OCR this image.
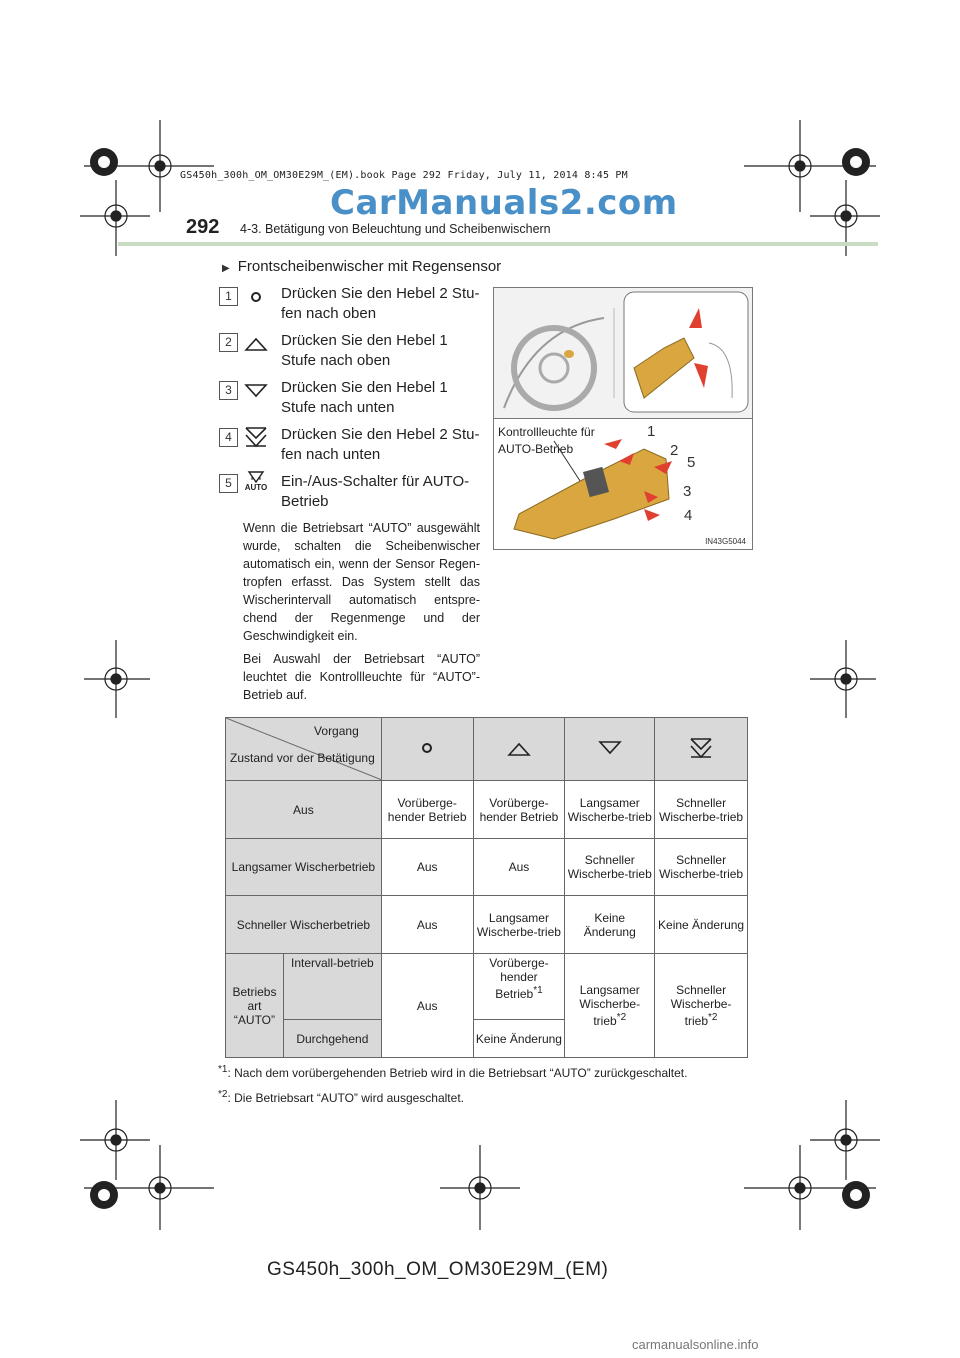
GS450h_300h_OM_OM30E29M_(EM).book Page 292 Friday, July 11, 2014 8:45 PM
CarManuals2.com
292 4-3. Betätigung von Beleuchtung und Scheibenwischern
▶ Frontscheibenwischer mit Regensensor
1	Drücken Sie den Hebel 2 Stu-fen nach oben
2	Drücken Sie den Hebel 1 Stufe nach oben
3	Drücken Sie den Hebel 1 Stufe nach unten
4	Drücken Sie den Hebel 2 Stu-fen nach unten
5	AUTO Ein-/Aus-Schalter für AUTO-Betrieb
Wenn die Betriebsart “AUTO” ausgewählt wurde, schalten die Scheibenwischer automatisch ein, wenn der Sensor Regen-tropfen erfasst. Das System stellt das Wischerintervall automatisch entspre-chend der Regenmenge und der Geschwindigkeit ein.
Bei Auswahl der Betriebsart “AUTO” leuchtet die Kontrollleuchte für “AUTO”-Betrieb auf.
Kontrollleuchte für AUTO-Betrieb
1
2
5
3
4
IN43G5044
Vorgang
Zustand vor der Betätigung

Aus		Vorüberge-hender Betrieb	Vorüberge-hender Betrieb	Langsamer Wischerbe-trieb	Schneller Wischerbe-trieb
Langsamer Wischerbetrieb		Aus	Aus	Schneller Wischerbe-trieb	Schneller Wischerbe-trieb
Schneller Wischerbetrieb		Aus	Langsamer Wischerbe-trieb	Keine Änderung	Keine Änderung
Betriebs art “AUTO”	Intervall-betrieb	Aus	Vorüberge-hender Betrieb$^{*1}$	Langsamer Wischerbe-trieb$^{*2}$	Schneller Wischerbe-trieb$^{*2}$
	Durchgehend		Keine Änderung		
$^{*1}$: Nach dem vorübergehenden Betrieb wird in die Betriebsart “AUTO” zurückgeschaltet.
$^{*2}$: Die Betriebsart “AUTO” wird ausgeschaltet.
GS450h_300h_OM_OM30E29M_(EM)
carmanualsonline.info
